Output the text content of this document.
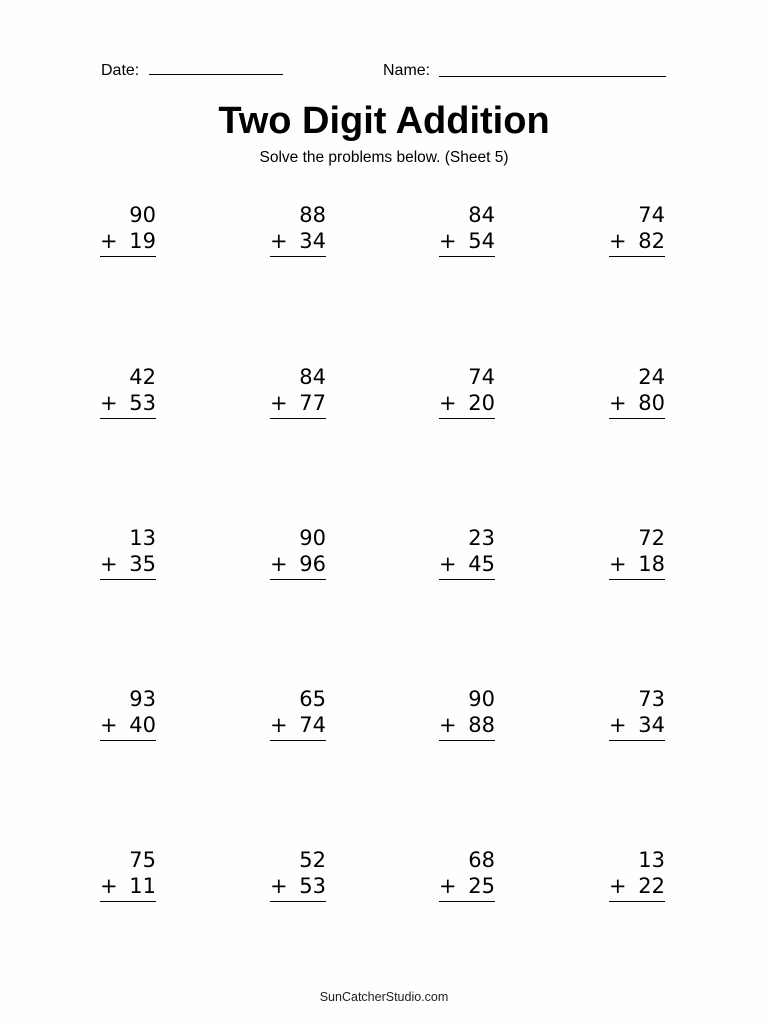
Date:	Name:
Two Digit Addition
Solve the problems below. (Sheet 5)
90
+ 19
88
+ 34
84
+ 54
74
+ 82
42
+ 53
84
+ 77
74
+ 20
24
+ 80
13
+ 35
90
+ 96
23
+ 45
72
+ 18
93
+ 40
65
+ 74
90
+ 88
73
+ 34
75
+ 11
52
+ 53
68
+ 25
13
+ 22
SunCatcherStudio.com
